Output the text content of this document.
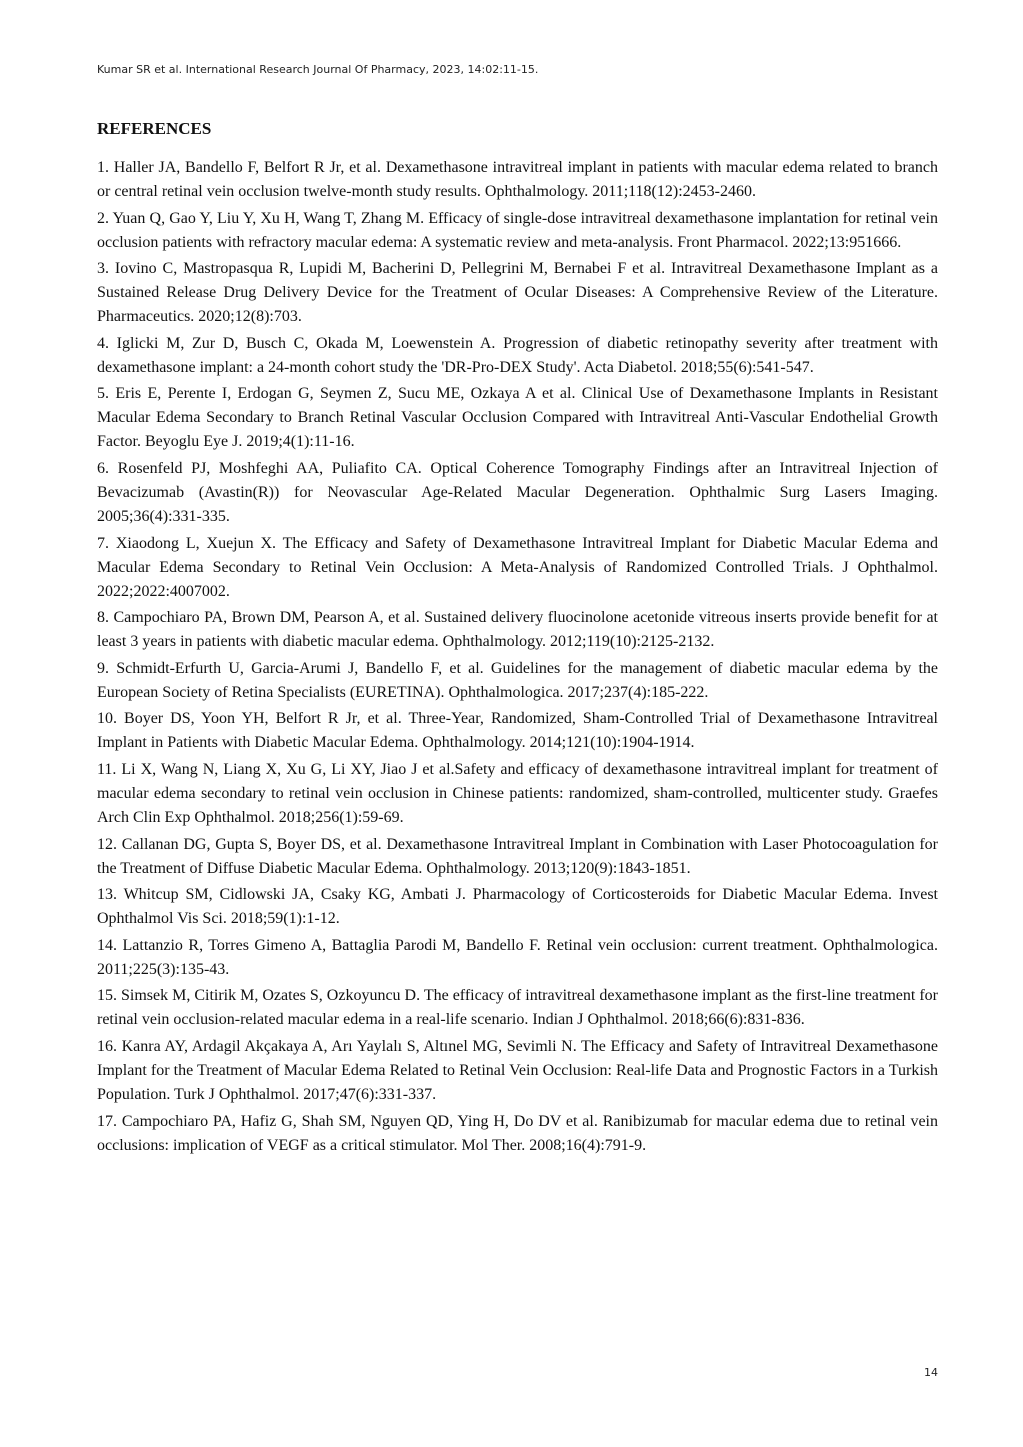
Kumar SR et al. International Research Journal Of Pharmacy, 2023, 14:02:11-15.
REFERENCES

1. Haller JA, Bandello F, Belfort R Jr, et al. Dexamethasone intravitreal implant in patients with macular edema related to branch or central retinal vein occlusion twelve-month study results. Ophthalmology. 2011;118(12):2453-2460.

2. Yuan Q, Gao Y, Liu Y, Xu H, Wang T, Zhang M. Efficacy of single-dose intravitreal dexamethasone implantation for retinal vein occlusion patients with refractory macular edema: A systematic review and meta-analysis. Front Pharmacol. 2022;13:951666.

3. Iovino C, Mastropasqua R, Lupidi M, Bacherini D, Pellegrini M, Bernabei F et al. Intravitreal Dexamethasone Implant as a Sustained Release Drug Delivery Device for the Treatment of Ocular Diseases: A Comprehensive Review of the Literature. Pharmaceutics. 2020;12(8):703.

4. Iglicki M, Zur D, Busch C, Okada M, Loewenstein A. Progression of diabetic retinopathy severity after treatment with dexamethasone implant: a 24-month cohort study the 'DR-Pro-DEX Study'. Acta Diabetol. 2018;55(6):541-547.

5. Eris E, Perente I, Erdogan G, Seymen Z, Sucu ME, Ozkaya A et al. Clinical Use of Dexamethasone Implants in Resistant Macular Edema Secondary to Branch Retinal Vascular Occlusion Compared with Intravitreal Anti-Vascular Endothelial Growth Factor. Beyoglu Eye J. 2019;4(1):11-16.

6. Rosenfeld PJ, Moshfeghi AA, Puliafito CA. Optical Coherence Tomography Findings after an Intravitreal Injection of Bevacizumab (Avastin(R)) for Neovascular Age-Related Macular Degeneration. Ophthalmic Surg Lasers Imaging. 2005;36(4):331-335.

7. Xiaodong L, Xuejun X. The Efficacy and Safety of Dexamethasone Intravitreal Implant for Diabetic Macular Edema and Macular Edema Secondary to Retinal Vein Occlusion: A Meta-Analysis of Randomized Controlled Trials. J Ophthalmol. 2022;2022:4007002.

8. Campochiaro PA, Brown DM, Pearson A, et al. Sustained delivery fluocinolone acetonide vitreous inserts provide benefit for at least 3 years in patients with diabetic macular edema. Ophthalmology. 2012;119(10):2125-2132.

9. Schmidt-Erfurth U, Garcia-Arumi J, Bandello F, et al. Guidelines for the management of diabetic macular edema by the European Society of Retina Specialists (EURETINA). Ophthalmologica. 2017;237(4):185-222.

10. Boyer DS, Yoon YH, Belfort R Jr, et al. Three-Year, Randomized, Sham-Controlled Trial of Dexamethasone Intravitreal Implant in Patients with Diabetic Macular Edema. Ophthalmology. 2014;121(10):1904-1914.

11. Li X, Wang N, Liang X, Xu G, Li XY, Jiao J et al.Safety and efficacy of dexamethasone intravitreal implant for treatment of macular edema secondary to retinal vein occlusion in Chinese patients: randomized, sham-controlled, multicenter study. Graefes Arch Clin Exp Ophthalmol. 2018;256(1):59-69.

12. Callanan DG, Gupta S, Boyer DS, et al. Dexamethasone Intravitreal Implant in Combination with Laser Photocoagulation for the Treatment of Diffuse Diabetic Macular Edema. Ophthalmology. 2013;120(9):1843-1851.

13. Whitcup SM, Cidlowski JA, Csaky KG, Ambati J. Pharmacology of Corticosteroids for Diabetic Macular Edema. Invest Ophthalmol Vis Sci. 2018;59(1):1-12.

14. Lattanzio R, Torres Gimeno A, Battaglia Parodi M, Bandello F. Retinal vein occlusion: current treatment. Ophthalmologica. 2011;225(3):135-43.

15. Simsek M, Citirik M, Ozates S, Ozkoyuncu D. The efficacy of intravitreal dexamethasone implant as the first-line treatment for retinal vein occlusion-related macular edema in a real-life scenario. Indian J Ophthalmol. 2018;66(6):831-836.

16. Kanra AY, Ardagil Akçakaya A, Arı Yaylalı S, Altınel MG, Sevimli N. The Efficacy and Safety of Intravitreal Dexamethasone Implant for the Treatment of Macular Edema Related to Retinal Vein Occlusion: Real-life Data and Prognostic Factors in a Turkish Population. Turk J Ophthalmol. 2017;47(6):331-337.

17. Campochiaro PA, Hafiz G, Shah SM, Nguyen QD, Ying H, Do DV et al. Ranibizumab for macular edema due to retinal vein occlusions: implication of VEGF as a critical stimulator. Mol Ther. 2008;16(4):791-9.

14
